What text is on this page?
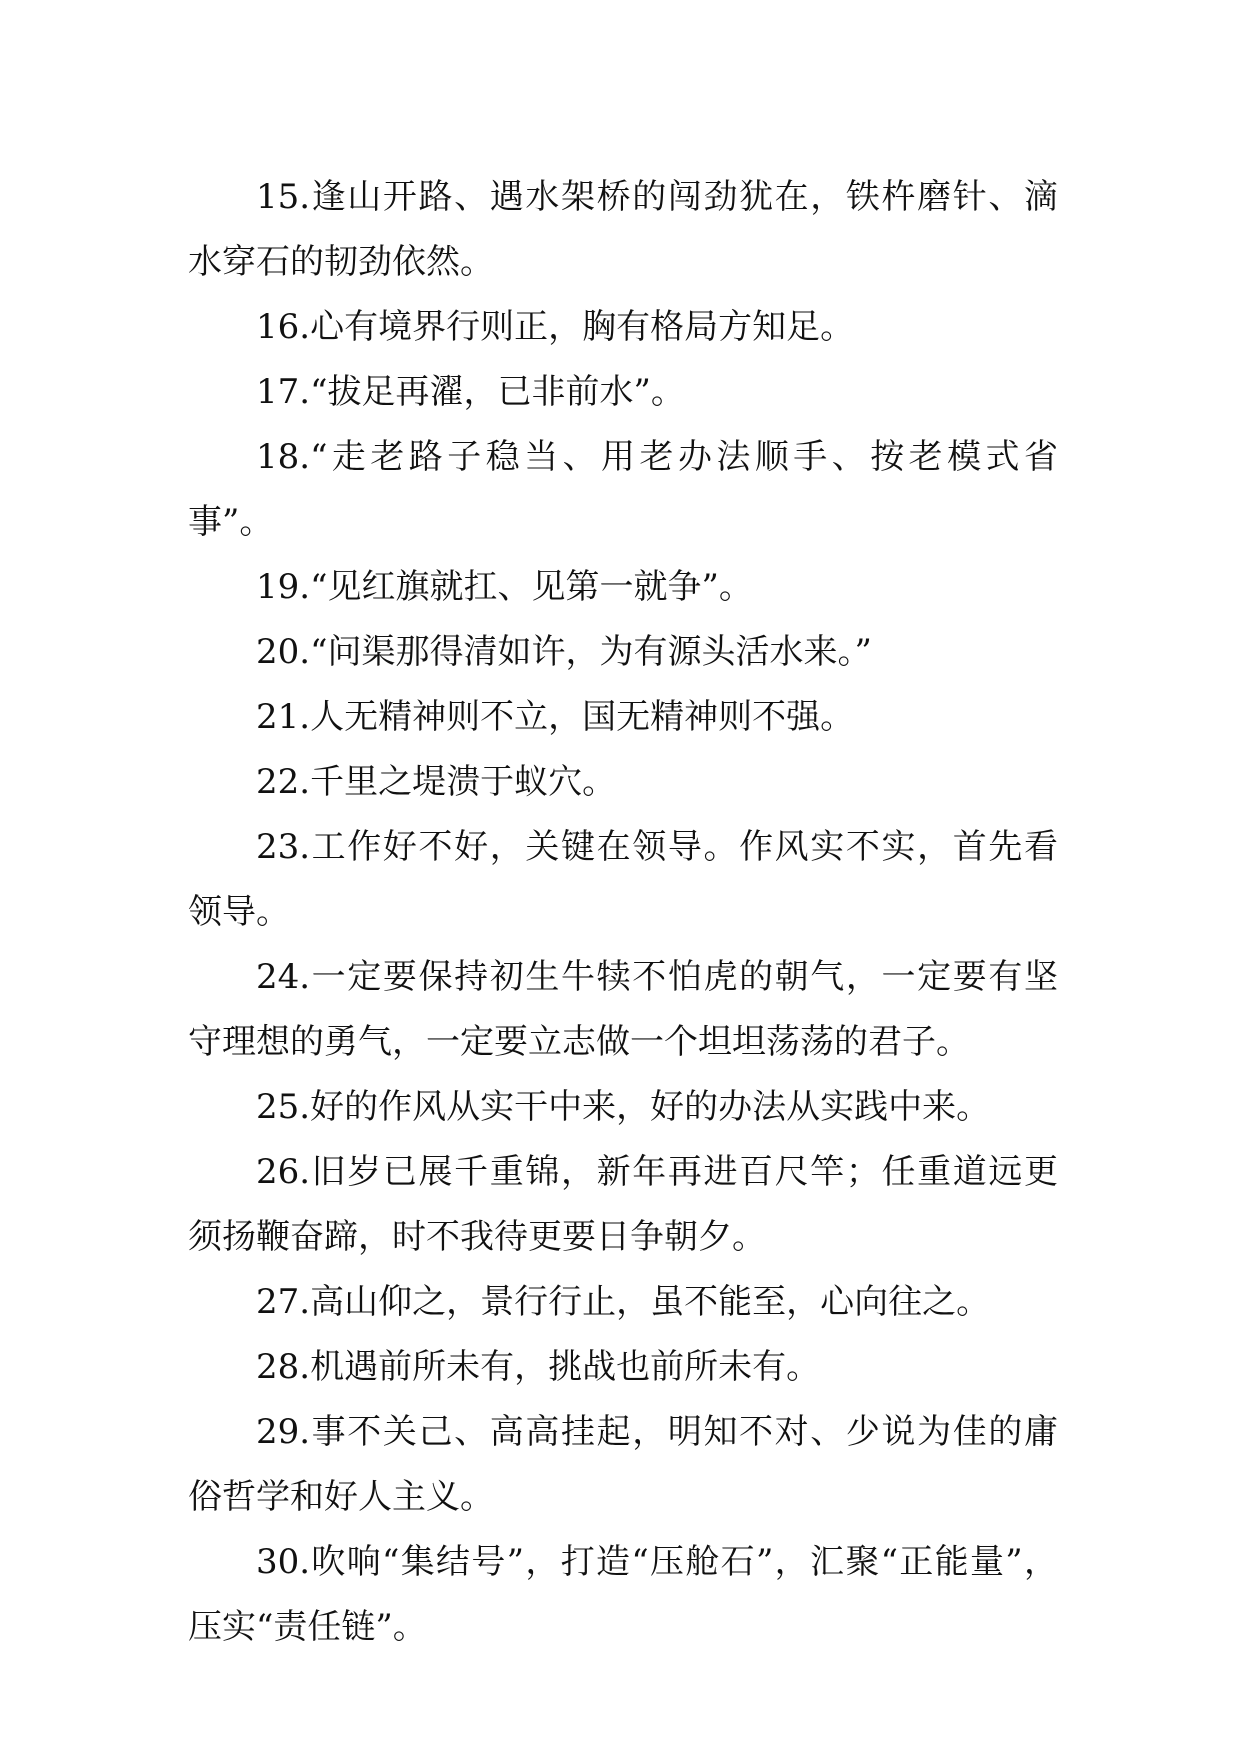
15.逢山开路、遇水架桥的闯劲犹在，铁杵磨针、滴水穿石的韧劲依然。

16.心有境界行则正，胸有格局方知足。

17.“拔足再濯，已非前水”。

18.“走老路子稳当、用老办法顺手、按老模式省事”。

19.“见红旗就扛、见第一就争”。

20.“问渠那得清如许，为有源头活水来。”

21.人无精神则不立，国无精神则不强。

22.千里之堤溃于蚁穴。

23.工作好不好，关键在领导。作风实不实，首先看领导。

24.一定要保持初生牛犊不怕虎的朝气，一定要有坚守理想的勇气，一定要立志做一个坦坦荡荡的君子。

25.好的作风从实干中来，好的办法从实践中来。

26.旧岁已展千重锦，新年再进百尺竿；任重道远更须扬鞭奋蹄，时不我待更要日争朝夕。

27.高山仰之，景行行止，虽不能至，心向往之。

28.机遇前所未有，挑战也前所未有。

29.事不关己、高高挂起，明知不对、少说为佳的庸俗哲学和好人主义。

30.吹响“集结号”，打造“压舱石”，汇聚“正能量”，压实“责任链”。
